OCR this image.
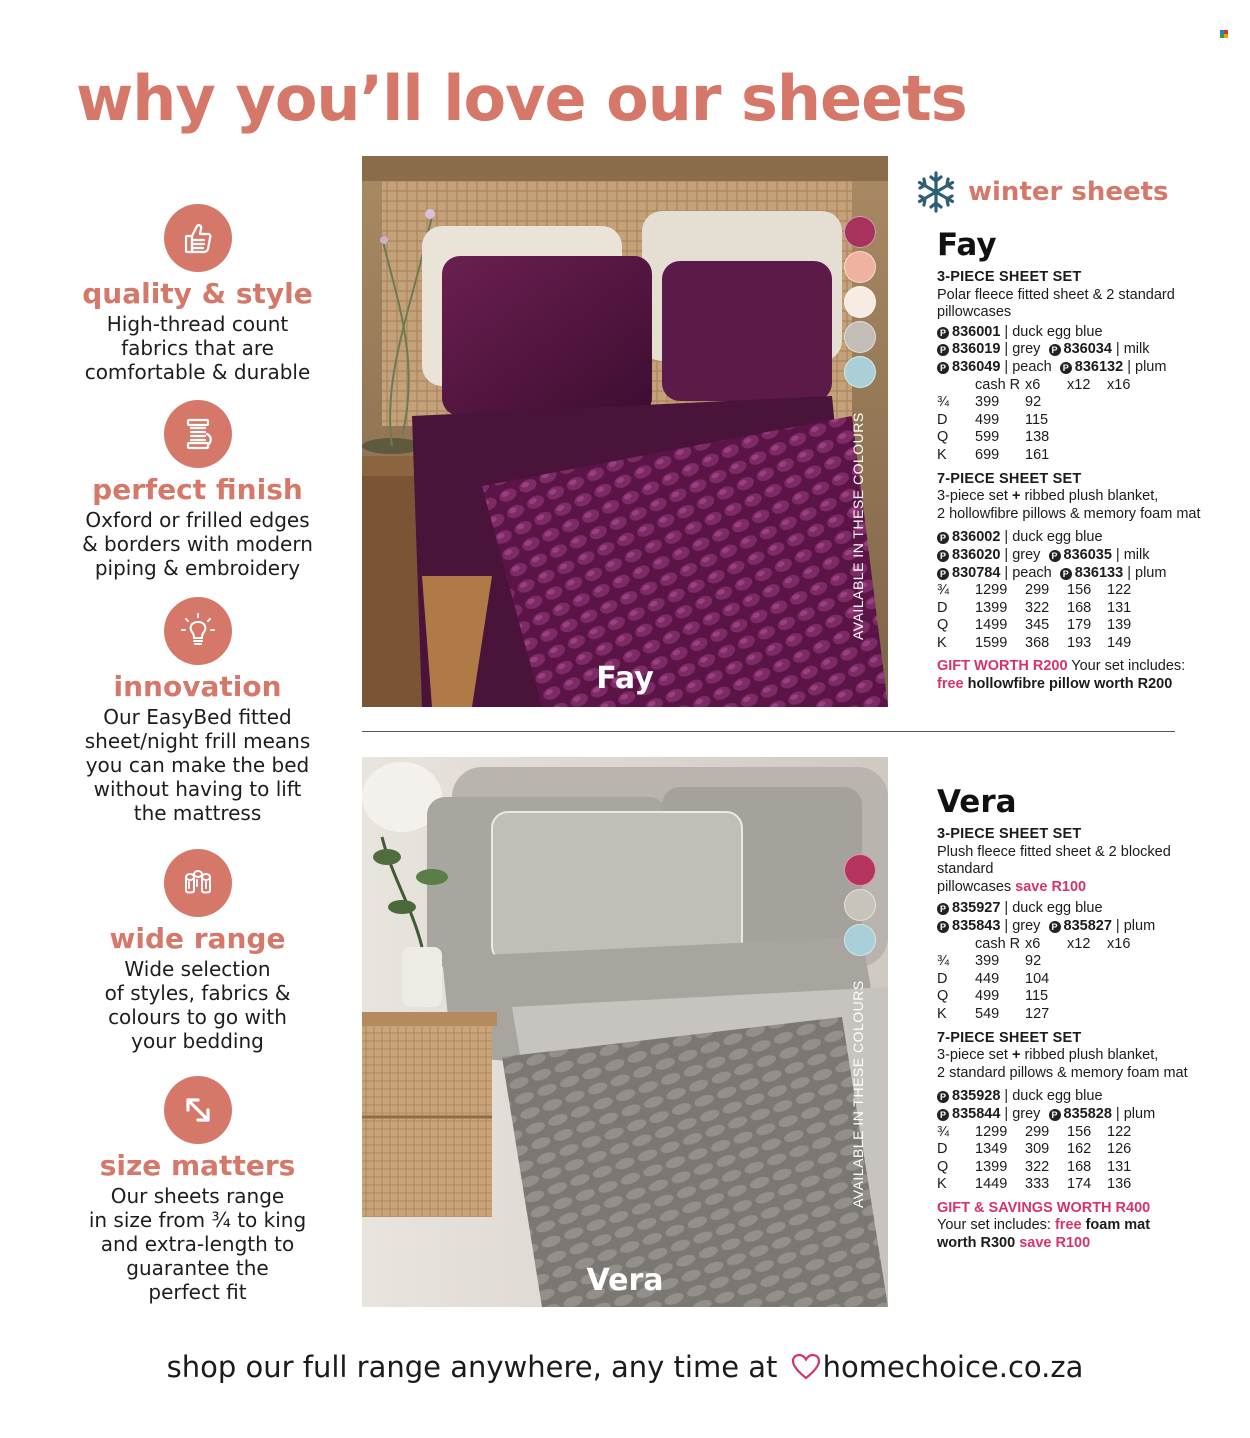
why you’ll love our sheets
quality & style
High-thread count
fabrics that are
comfortable & durable
perfect finish
Oxford or frilled edges
& borders with modern
piping & embroidery
innovation
Our EasyBed fitted
sheet/night frill means
you can make the bed
without having to lift
the mattress
wide range
Wide selection
of styles, fabrics &
colours to go with
your bedding
size matters
Our sheets range
in size from ¾ to king
and extra-length to
guarantee the
perfect fit
Fay
AVAILABLE IN THESE COLOURS
winter sheets
Fay
3-PIECE SHEET SET
Polar fleece fitted sheet & 2 standard
pillowcases
P 836001 | duck egg blue
P 836019 | grey P 836034 | milk
P 836049 | peach P 836132 | plum
	cash R	x6	x12	x16
¾	399	92		
D	499	115		
Q	599	138		
K	699	161		
7-PIECE SHEET SET
3-piece set + ribbed plush blanket,
2 hollowfibre pillows & memory foam mat
P 836002 | duck egg blue
P 836020 | grey P 836035 | milk
P 830784 | peach P 836133 | plum
¾	1299	299	156	122
D	1399	322	168	131
Q	1499	345	179	139
K	1599	368	193	149
GIFT WORTH R200 Your set includes:
free hollowfibre pillow worth R200
Vera
AVAILABLE IN THESE COLOURS
Vera
3-PIECE SHEET SET
Plush fleece fitted sheet & 2 blocked standard
pillowcases save R100
P 835927 | duck egg blue
P 835843 | grey P 835827 | plum
	cash R	x6	x12	x16
¾	399	92		
D	449	104		
Q	499	115		
K	549	127		
7-PIECE SHEET SET
3-piece set + ribbed plush blanket,
2 standard pillows & memory foam mat
P 835928 | duck egg blue
P 835844 | grey P 835828 | plum
¾	1299	299	156	122
D	1349	309	162	126
Q	1399	322	168	131
K	1449	333	174	136
GIFT & SAVINGS WORTH R400
Your set includes: free foam mat
worth R300 save R100
shop our full range anywhere, any time at homechoice.co.za
